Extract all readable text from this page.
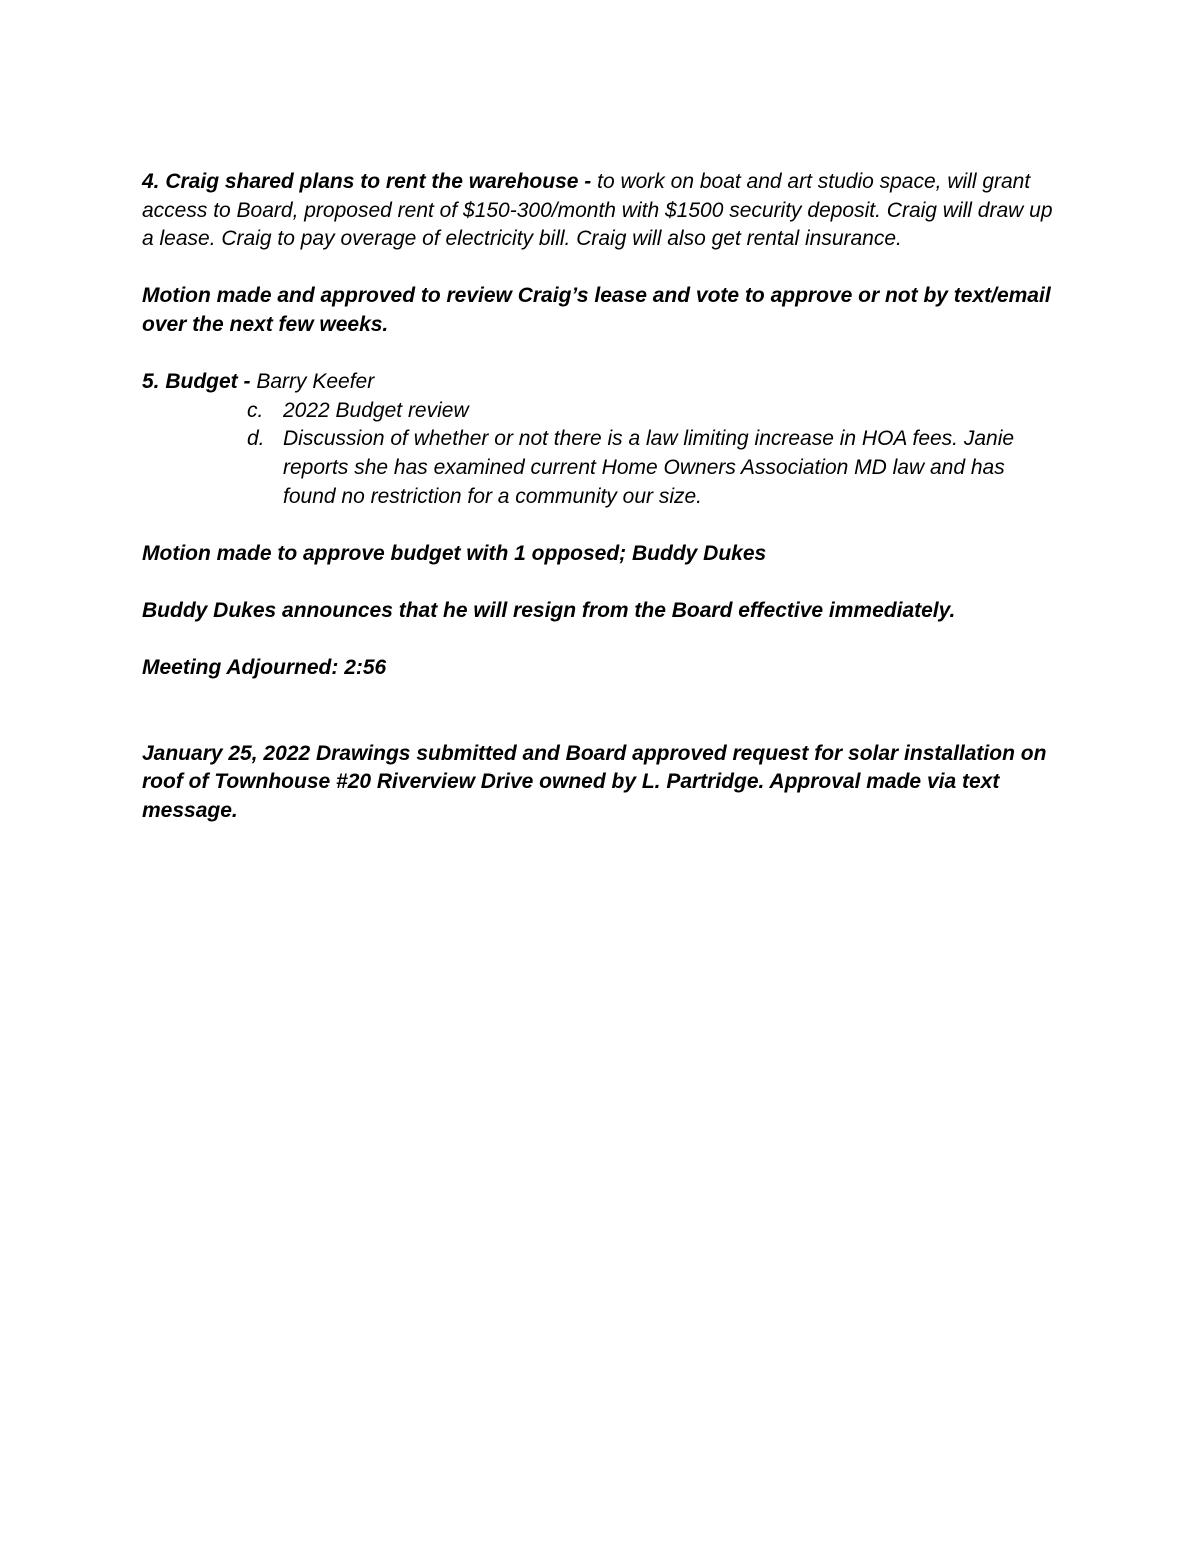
4. Craig shared plans to rent the warehouse - to work on boat and art studio space, will grant access to Board, proposed rent of $150-300/month with $1500 security deposit. Craig will draw up a lease. Craig to pay overage of electricity bill. Craig will also get rental insurance.

Motion made and approved to review Craig’s lease and vote to approve or not by text/email over the next few weeks.

5. Budget - Barry Keefer

c. 2022 Budget review
d. Discussion of whether or not there is a law limiting increase in HOA fees. Janie reports she has examined current Home Owners Association MD law and has found no restriction for a community our size.

Motion made to approve budget with 1 opposed; Buddy Dukes

Buddy Dukes announces that he will resign from the Board effective immediately.

Meeting Adjourned: 2:56

January 25, 2022 Drawings submitted and Board approved request for solar installation on roof of Townhouse #20 Riverview Drive owned by L. Partridge. Approval made via text message.
